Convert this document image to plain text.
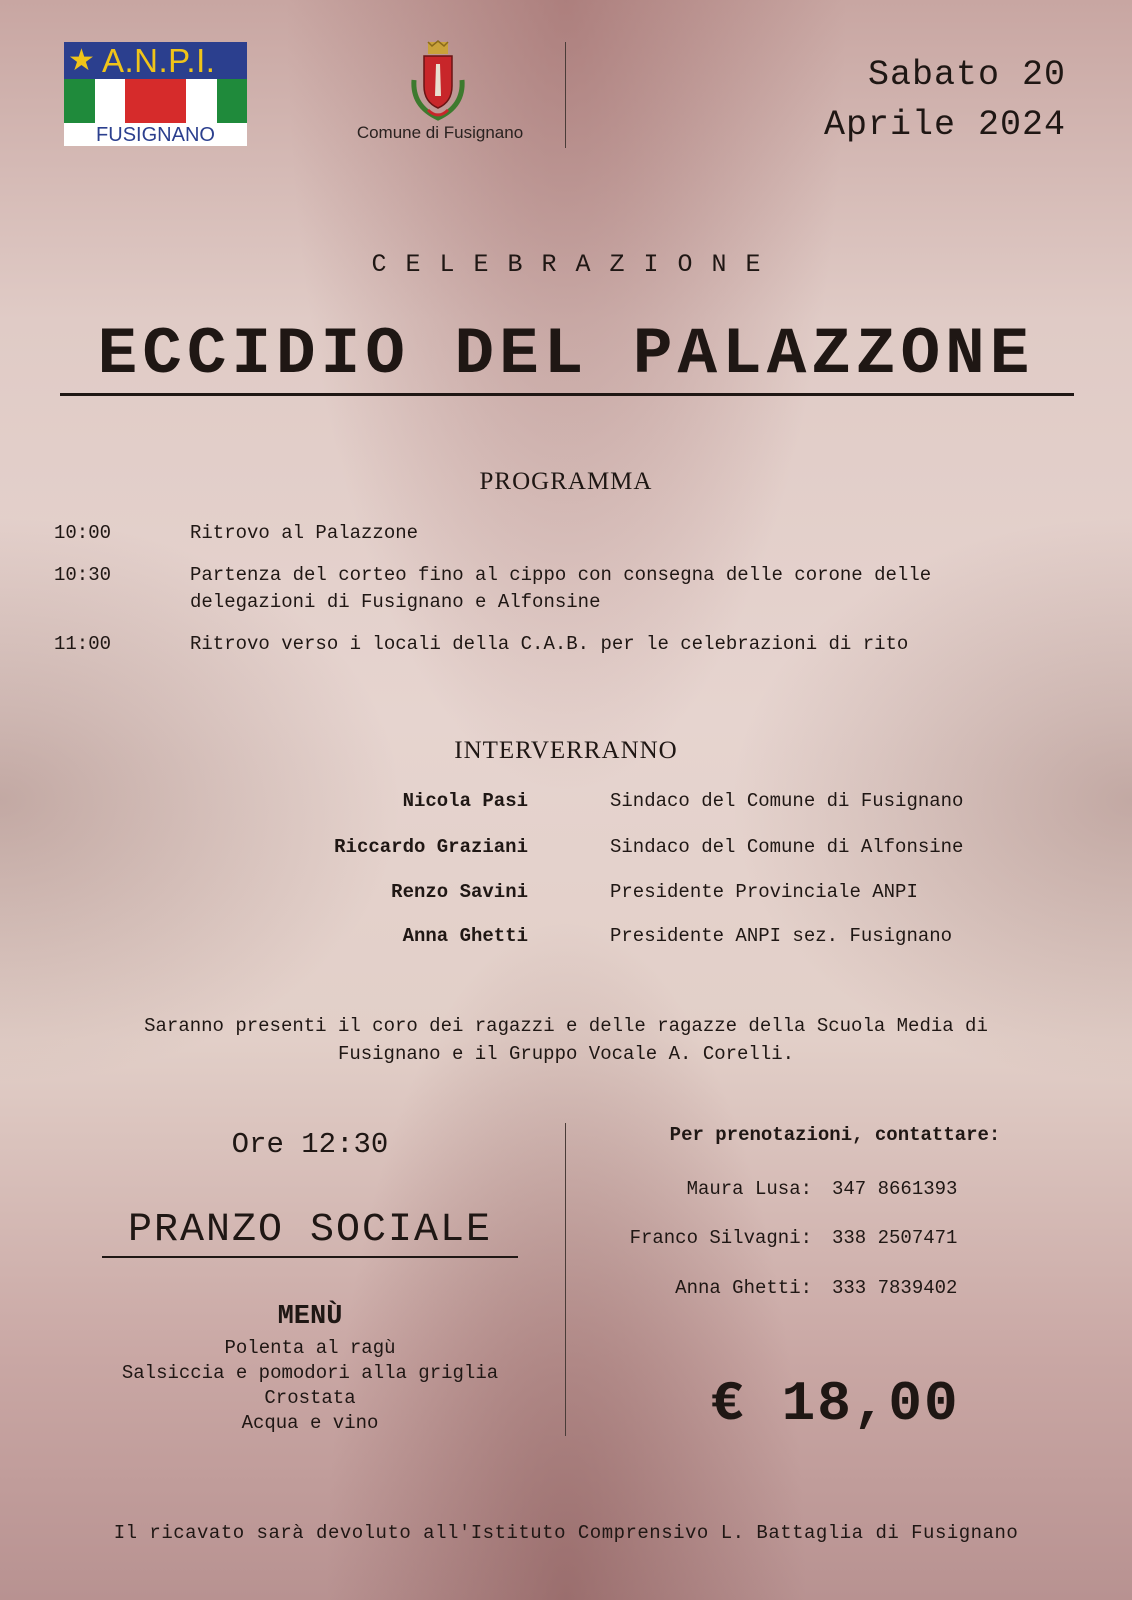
★ A.N.P.I.
FUSIGNANO	Comune di Fusignano
Sabato 20
Aprile 2024
CELEBRAZIONE
ECCIDIO DEL PALAZZONE
PROGRAMMA
10:00	Ritrovo al Palazzone
10:30	Partenza del corteo fino al cippo con consegna delle corone delle
delegazioni di Fusignano e Alfonsine
11:00	Ritrovo verso i locali della C.A.B. per le celebrazioni di rito
INTERVERRANNO
Nicola Pasi	Sindaco del Comune di Fusignano
Riccardo Graziani	Sindaco del Comune di Alfonsine
Renzo Savini	Presidente Provinciale ANPI
Anna Ghetti	Presidente ANPI sez. Fusignano
Saranno presenti il coro dei ragazzi e delle ragazze della Scuola Media di
Fusignano e il Gruppo Vocale A. Corelli.
Ore 12:30
PRANZO SOCIALE
MENÙ
Polenta al ragù
Salsiccia e pomodori alla griglia
Crostata
Acqua e vino
Per prenotazioni, contattare:
Maura Lusa: 347 8661393
Franco Silvagni: 338 2507471
Anna Ghetti: 333 7839402
€ 18,00
Il ricavato sarà devoluto all'Istituto Comprensivo L. Battaglia di Fusignano
